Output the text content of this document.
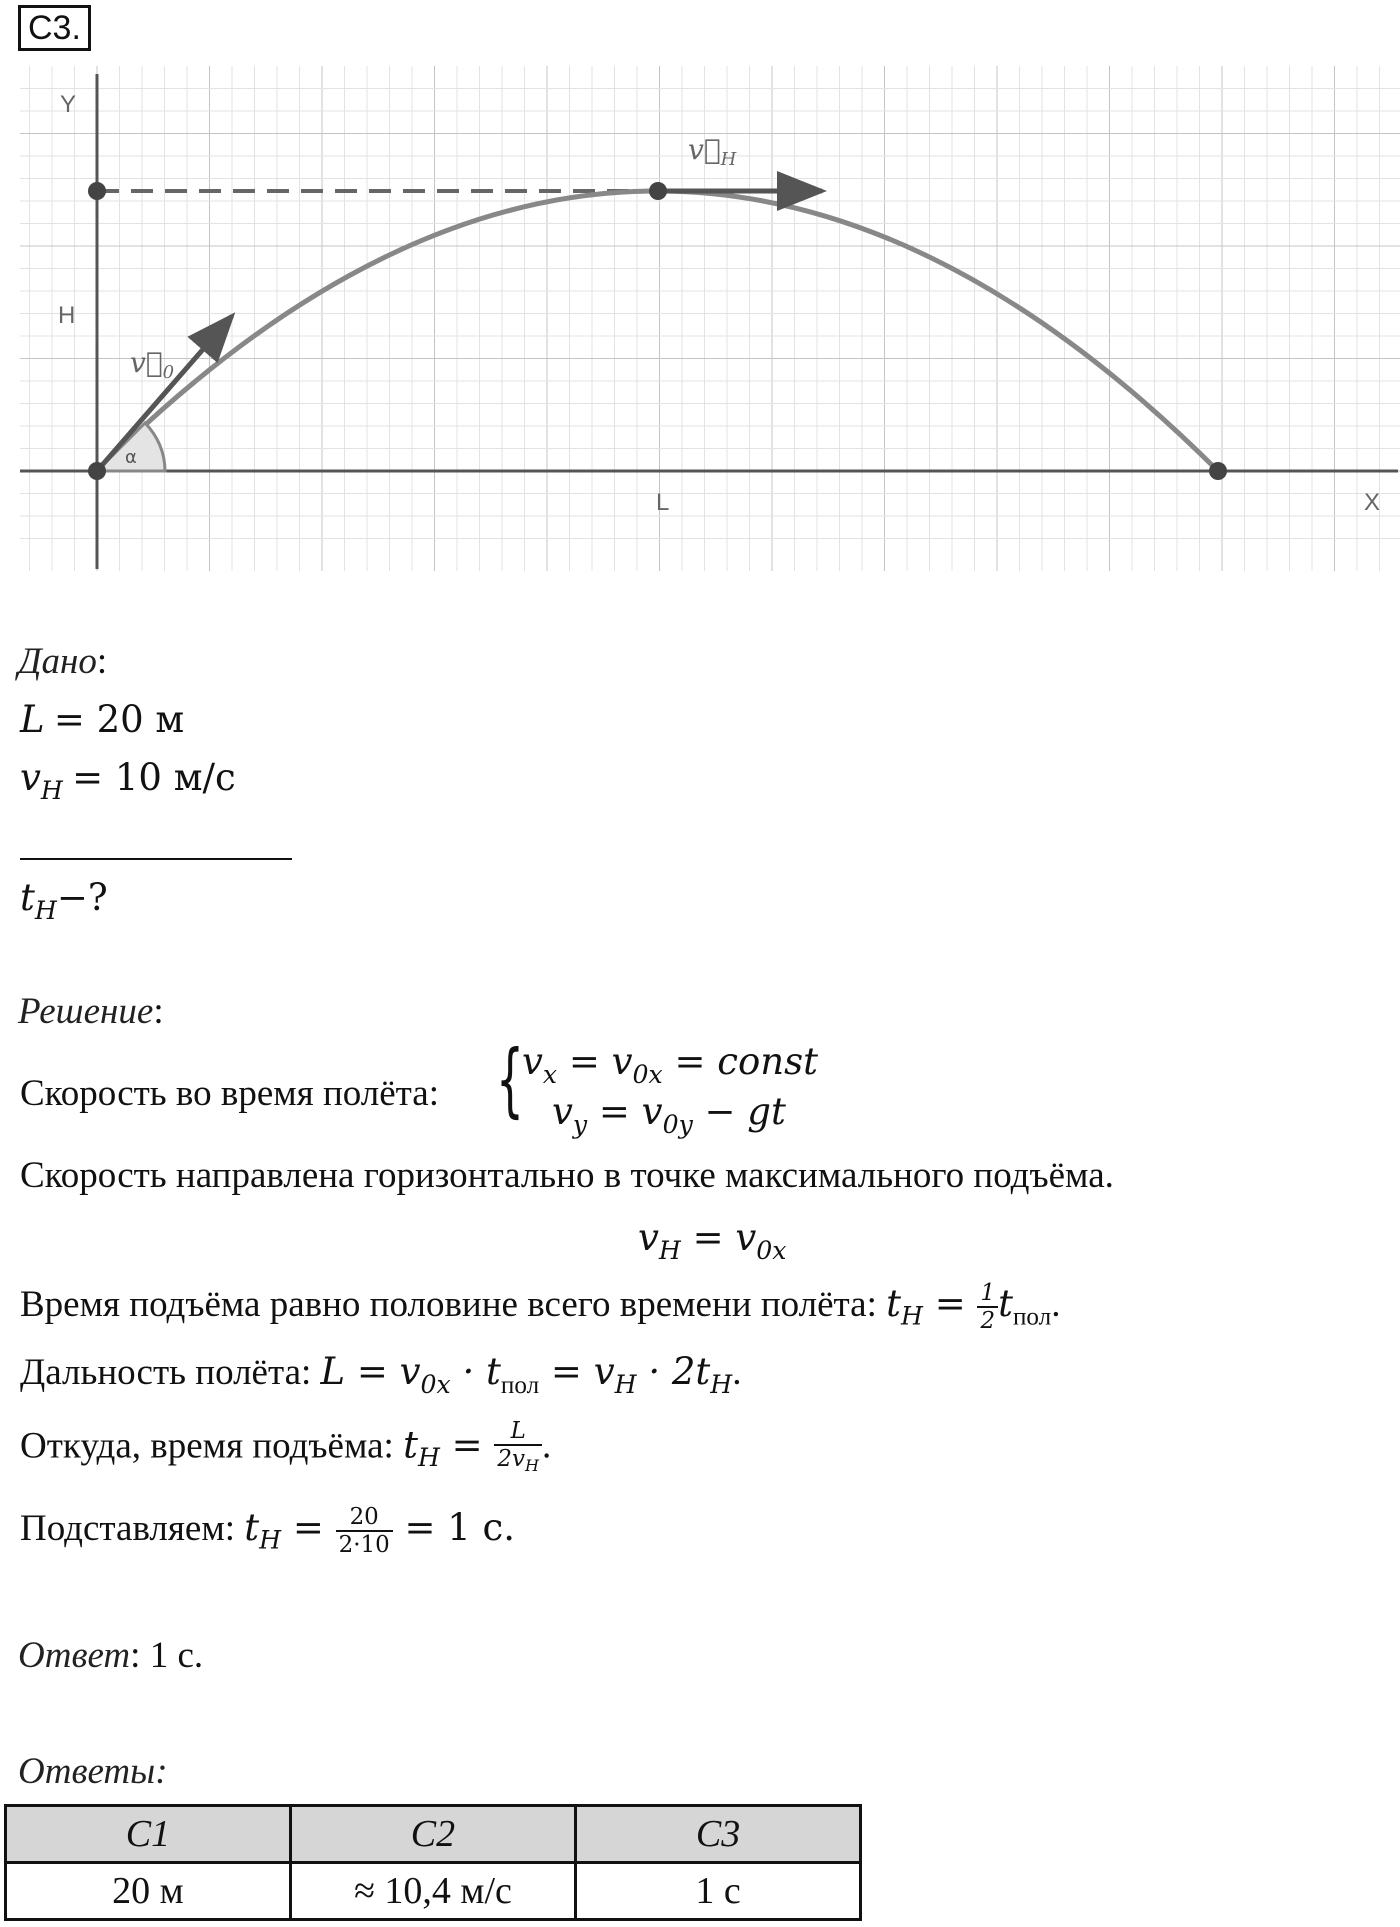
C3.
Y
X
H
L
α
$v⃗_0$
$v⃗_H$
Дано:
L = 20 м
$v_H = 10$ м/с
$t_H-$?
Решение:
Скорость во время полёта: {
$v_x = v_{0x}$ = const
$v_y = v_{0y}$ − gt
Скорость направлена горизонтально в точке максимального подъёма.
$v_H = v_{0x}$
Время подъёма равно половине всего времени полёта: $t_H = \frac{1}{2} t_{пол}$.
Дальность полёта: $L = v_{0x} \cdot t_{пол} = v_H \cdot 2t_H$.
Откуда, время подъёма: $t_H = \frac{L}{2v_H}$ .
Подставляем: $t_H = \frac{20}{2\cdot 10} = 1$ с.
Ответ: 1 с.
Ответы:
C1	C2	C3
20 м	≈ 10,4 м/с	1 с
